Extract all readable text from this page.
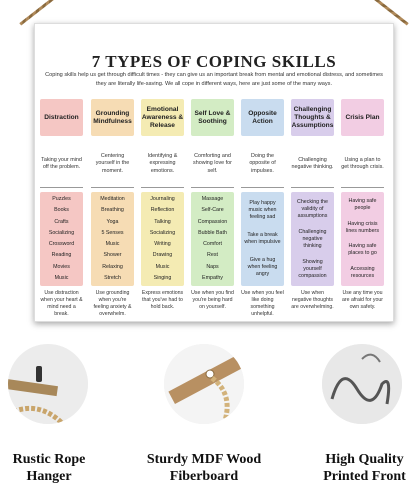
7 TYPES OF COPING SKILLS
Coping skills help us get through difficult times - they can give us an important break from mental and emotional distress, and sometimes they are literally life-saving. We all cope in different ways, here are just some of the many ways.
Distraction
Taking your mind off the problem.
Puzzles
Books
Crafts
Socializing
Crossword
Reading
Movies
Music
Use distraction when your heart & mind need a break.
Grounding Mindfulness
Centering yourself in the moment.
Meditation
Breathing
Yoga
5 Senses
Music
Shower
Relaxing
Stretch
Use grounding when you're feeling anxiety & overwhelm.
Emotional Awareness & Release
Identifying & expressing emotions.
Journaling
Reflection
Talking
Socializing
Writing
Drawing
Music
Singing
Express emotions that you've had to hold back.
Self Love & Soothing
Comforting and showing love for self.
Massage
Self-Care
Compassion
Bubble Bath
Comfort
Rest
Naps
Empathy
Use when you find you're being hard on yourself.
Opposite Action
Doing the opposite of impulses.
Play happy music when feeling sad
Take a break when impulsive
Give a hug when feeling angry
Use when you feel like doing something unhelpful.
Challenging Thoughts & Assumptions
Challenging negative thinking.
Checking the validity of assumptions
Challenging negative thinking
Showing yourself compassion
Use when negative thoughts are overwhelming.
Crisis Plan
Using a plan to get through crisis.
Having safe people
Having crisis lines numbers
Having safe places to go
Accessing resources
Use any time you are afraid for your own safety.
Rustic Rope Hanger
Sturdy MDF Wood Fiberboard
High Quality Printed Front
